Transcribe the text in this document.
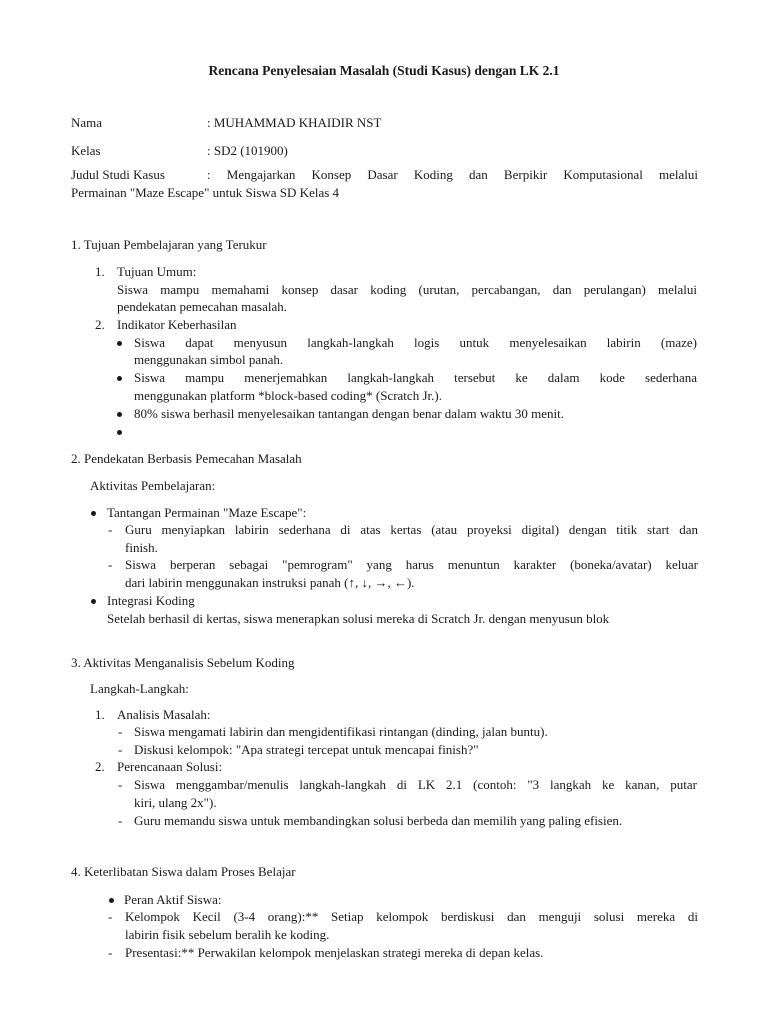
Rencana Penyelesaian Masalah (Studi Kasus) dengan LK 2.1
Nama	: MUHAMMAD KHAIDIR NST
Kelas	: SD2 (101900)
Judul Studi Kasus	: Mengajarkan Konsep Dasar Koding dan Berpikir Komputasional melalui
Permainan "Maze Escape" untuk Siswa SD Kelas 4
1. Tujuan Pembelajaran yang Terukur
1. Tujuan Umum:
Siswa mampu memahami konsep dasar koding (urutan, percabangan, dan perulangan) melalui
pendekatan pemecahan masalah.
2. Indikator Keberhasilan
Siswa dapat menyusun langkah-langkah logis untuk menyelesaikan labirin (maze)
menggunakan simbol panah.
Siswa mampu menerjemahkan langkah-langkah tersebut ke dalam kode sederhana
menggunakan platform *block-based coding* (Scratch Jr.).
80% siswa berhasil menyelesaikan tantangan dengan benar dalam waktu 30 menit.
2. Pendekatan Berbasis Pemecahan Masalah
Aktivitas Pembelajaran:
Tantangan Permainan "Maze Escape":
- Guru menyiapkan labirin sederhana di atas kertas (atau proyeksi digital) dengan titik start dan
finish.
- Siswa berperan sebagai "pemrogram" yang harus menuntun karakter (boneka/avatar) keluar
dari labirin menggunakan instruksi panah (↑, ↓, →, ←).
Integrasi Koding
Setelah berhasil di kertas, siswa menerapkan solusi mereka di Scratch Jr. dengan menyusun blok
3. Aktivitas Menganalisis Sebelum Koding
Langkah-Langkah:
1. Analisis Masalah:
- Siswa mengamati labirin dan mengidentifikasi rintangan (dinding, jalan buntu).
- Diskusi kelompok: "Apa strategi tercepat untuk mencapai finish?"
2. Perencanaan Solusi:
- Siswa menggambar/menulis langkah-langkah di LK 2.1 (contoh: "3 langkah ke kanan, putar
kiri, ulang 2x").
- Guru memandu siswa untuk membandingkan solusi berbeda dan memilih yang paling efisien.
4. Keterlibatan Siswa dalam Proses Belajar
Peran Aktif Siswa:
- Kelompok Kecil (3-4 orang):** Setiap kelompok berdiskusi dan menguji solusi mereka di
labirin fisik sebelum beralih ke koding.
- Presentasi:** Perwakilan kelompok menjelaskan strategi mereka di depan kelas.
